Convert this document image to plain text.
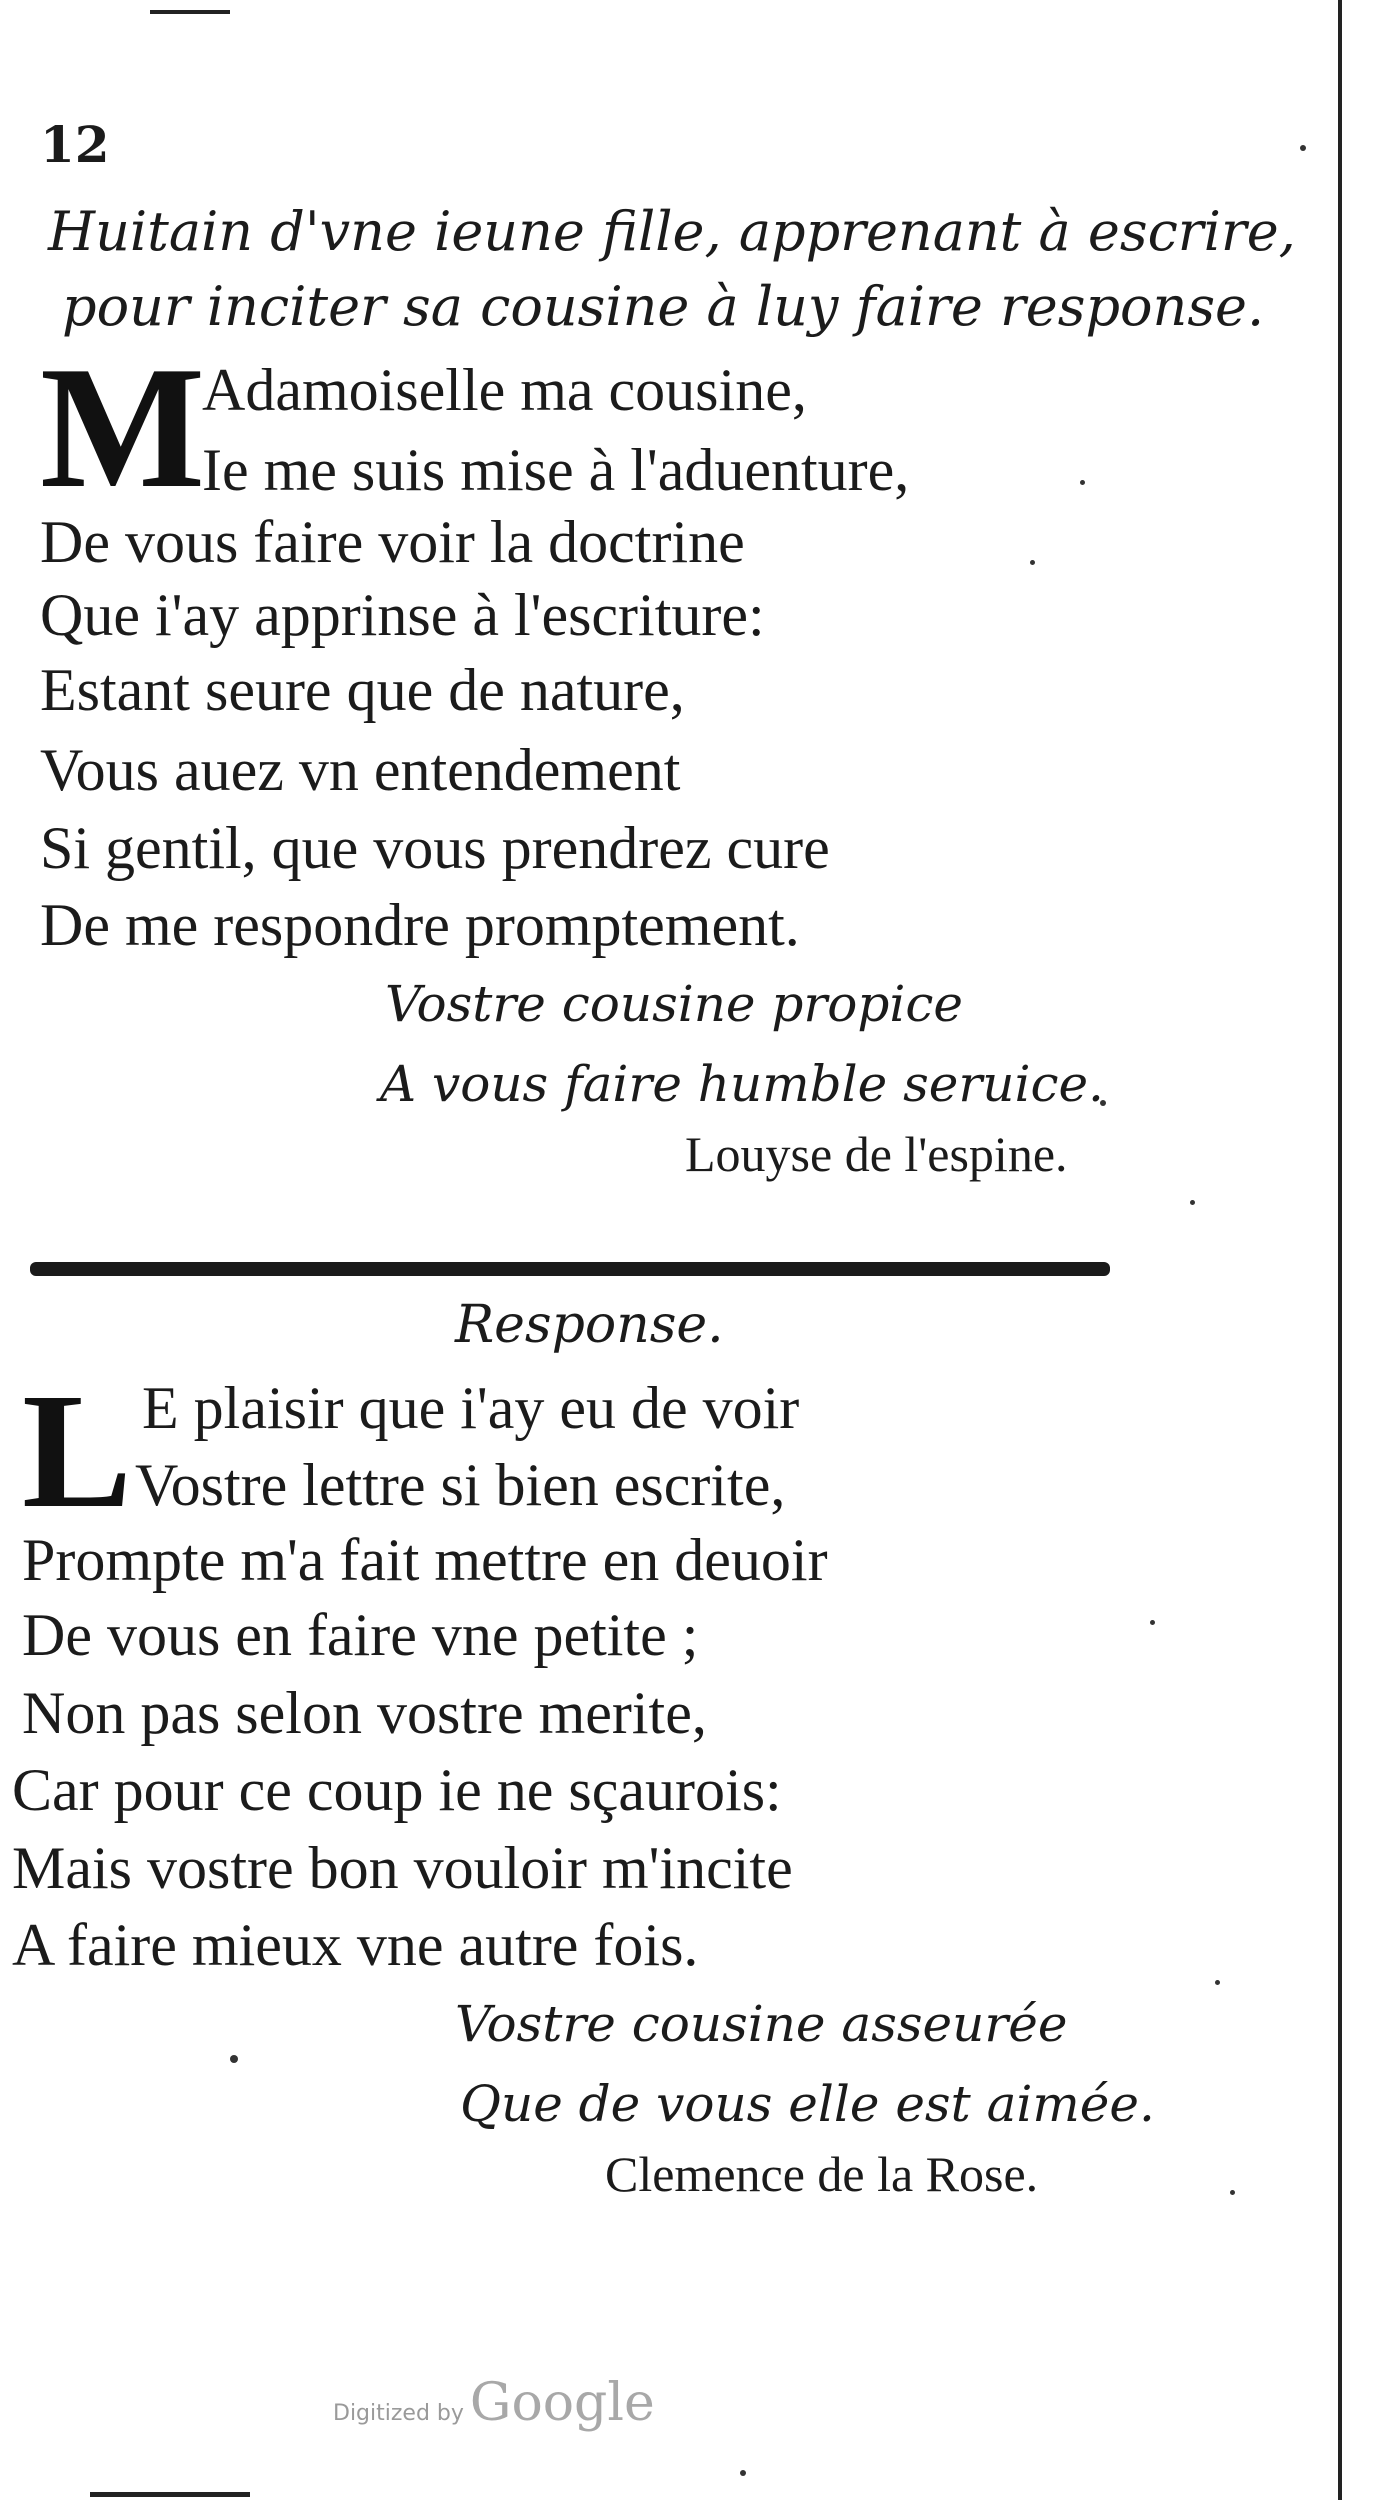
12
Huitain d'vne ieune fille, apprenant à escrire,
pour inciter sa cousine à luy faire response.
M
Adamoiselle ma cousine,
Ie me suis mise à l'aduenture,
De vous faire voir la doctrine
Que i'ay apprinse à l'escriture:
Estant seure que de nature,
Vous auez vn entendement
Si gentil, que vous prendrez cure
De me respondre promptement.
Vostre cousine propice
A vous faire humble seruice.
Louyse de l'espine.
Response.
L E plaisir que i'ay eu de voir
Vostre lettre si bien escrite,
Prompte m'a fait mettre en deuoir
De vous en faire vne petite ;
Non pas selon vostre merite,
Car pour ce coup ie ne sçaurois:
Mais vostre bon vouloir m'incite
A faire mieux vne autre fois.
Vostre cousine asseurée
Que de vous elle est aimée.
Clemence de la Rose.
Digitized by Google
